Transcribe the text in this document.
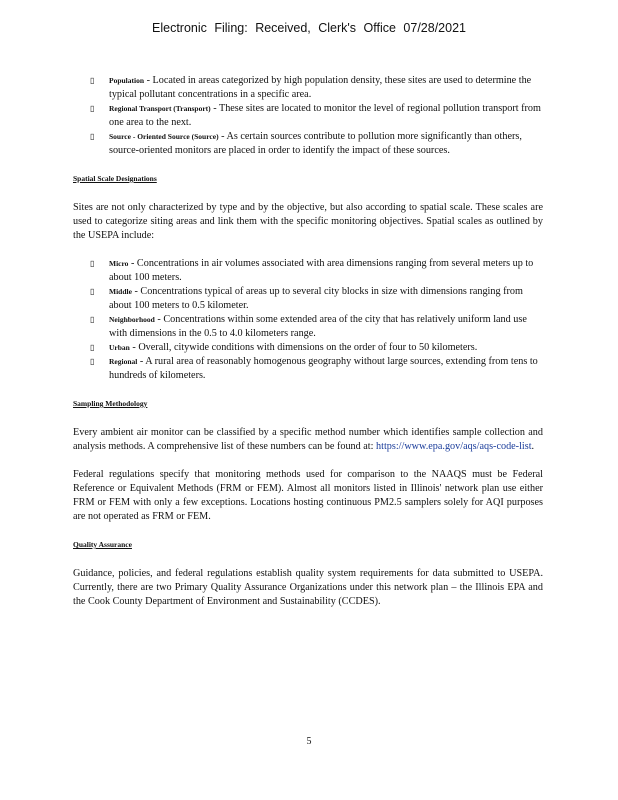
Electronic Filing: Received, Clerk's Office 07/28/2021
▯ Population - Located in areas categorized by high population density, these sites are used to determine the typical pollutant concentrations in a specific area.
▯ Regional Transport (Transport) - These sites are located to monitor the level of regional pollution transport from one area to the next.
▯ Source - Oriented Source (Source) - As certain sources contribute to pollution more significantly than others, source-oriented monitors are placed in order to identify the impact of these sources.
Spatial Scale Designations

Sites are not only characterized by type and by the objective, but also according to spatial scale. These scales are used to categorize siting areas and link them with the specific monitoring objectives. Spatial scales as outlined by the USEPA include:

▯ Micro - Concentrations in air volumes associated with area dimensions ranging from several meters up to about 100 meters.
▯ Middle - Concentrations typical of areas up to several city blocks in size with dimensions ranging from about 100 meters to 0.5 kilometer.
▯ Neighborhood - Concentrations within some extended area of the city that has relatively uniform land use with dimensions in the 0.5 to 4.0 kilometers range.
▯ Urban - Overall, citywide conditions with dimensions on the order of four to 50 kilometers.
▯ Regional - A rural area of reasonably homogenous geography without large sources, extending from tens to hundreds of kilometers.
Sampling Methodology

Every ambient air monitor can be classified by a specific method number which identifies sample collection and analysis methods. A comprehensive list of these numbers can be found at: https://www.epa.gov/aqs/aqs-code-list.

Federal regulations specify that monitoring methods used for comparison to the NAAQS must be Federal Reference or Equivalent Methods (FRM or FEM). Almost all monitors listed in Illinois' network plan use either FRM or FEM with only a few exceptions. Locations hosting continuous PM2.5 samplers solely for AQI purposes are not operated as FRM or FEM.

Quality Assurance

Guidance, policies, and federal regulations establish quality system requirements for data submitted to USEPA. Currently, there are two Primary Quality Assurance Organizations under this network plan – the Illinois EPA and the Cook County Department of Environment and Sustainability (CCDES).

5
